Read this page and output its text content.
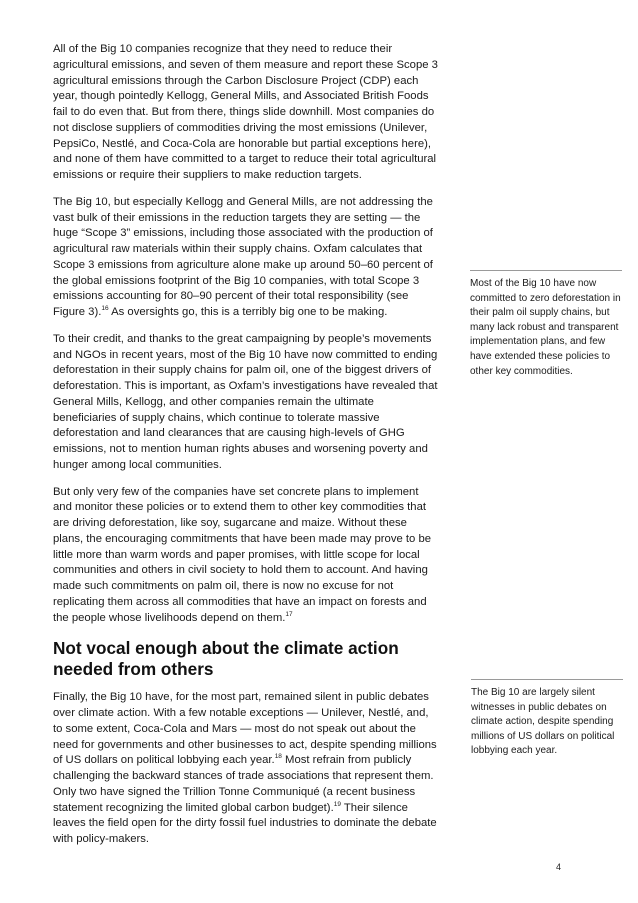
All of the Big 10 companies recognize that they need to reduce their agricultural emissions, and seven of them measure and report these Scope 3 agricultural emissions through the Carbon Disclosure Project (CDP) each year, though pointedly Kellogg, General Mills, and Associated British Foods fail to do even that. But from there, things slide downhill. Most companies do not disclose suppliers of commodities driving the most emissions (Unilever, PepsiCo, Nestlé, and Coca-Cola are honorable but partial exceptions here), and none of them have committed to a target to reduce their total agricultural emissions or require their suppliers to make reduction targets.

The Big 10, but especially Kellogg and General Mills, are not addressing the vast bulk of their emissions in the reduction targets they are setting — the huge “Scope 3” emissions, including those associated with the production of agricultural raw materials within their supply chains. Oxfam calculates that Scope 3 emissions from agriculture alone make up around 50–60 percent of the global emissions footprint of the Big 10 companies, with total Scope 3 emissions accounting for 80–90 percent of their total responsibility (see Figure 3).$^{16}$ As oversights go, this is a terribly big one to be making.

To their credit, and thanks to the great campaigning by people’s movements and NGOs in recent years, most of the Big 10 have now committed to ending deforestation in their supply chains for palm oil, one of the biggest drivers of deforestation. This is important, as Oxfam’s investigations have revealed that General Mills, Kellogg, and other companies remain the ultimate beneficiaries of supply chains, which continue to tolerate massive deforestation and land clearances that are causing high-levels of GHG emissions, not to mention human rights abuses and worsening poverty and hunger among local communities.

But only very few of the companies have set concrete plans to implement and monitor these policies or to extend them to other key commodities that are driving deforestation, like soy, sugarcane and maize. Without these plans, the encouraging commitments that have been made may prove to be little more than warm words and paper promises, with little scope for local communities and others in civil society to hold them to account. And having made such commitments on palm oil, there is now no excuse for not replicating them across all commodities that have an impact on forests and the people whose livelihoods depend on them.$^{17}$

Not vocal enough about the climate action needed from others

Finally, the Big 10 have, for the most part, remained silent in public debates over climate action. With a few notable exceptions — Unilever, Nestlé, and, to some extent, Coca-Cola and Mars — most do not speak out about the need for governments and other businesses to act, despite spending millions of US dollars on political lobbying each year.$^{18}$ Most refrain from publicly challenging the backward stances of trade associations that represent them. Only two have signed the Trillion Tonne Communiqué (a recent business statement recognizing the limited global carbon budget).$^{19}$ Their silence leaves the field open for the dirty fossil fuel industries to dominate the debate with policy-makers.

Most of the Big 10 have now committed to zero deforestation in their palm oil supply chains, but many lack robust and transparent implementation plans, and few have extended these policies to other key commodities.
The Big 10 are largely silent witnesses in public debates on climate action, despite spending millions of US dollars on political lobbying each year.
4
